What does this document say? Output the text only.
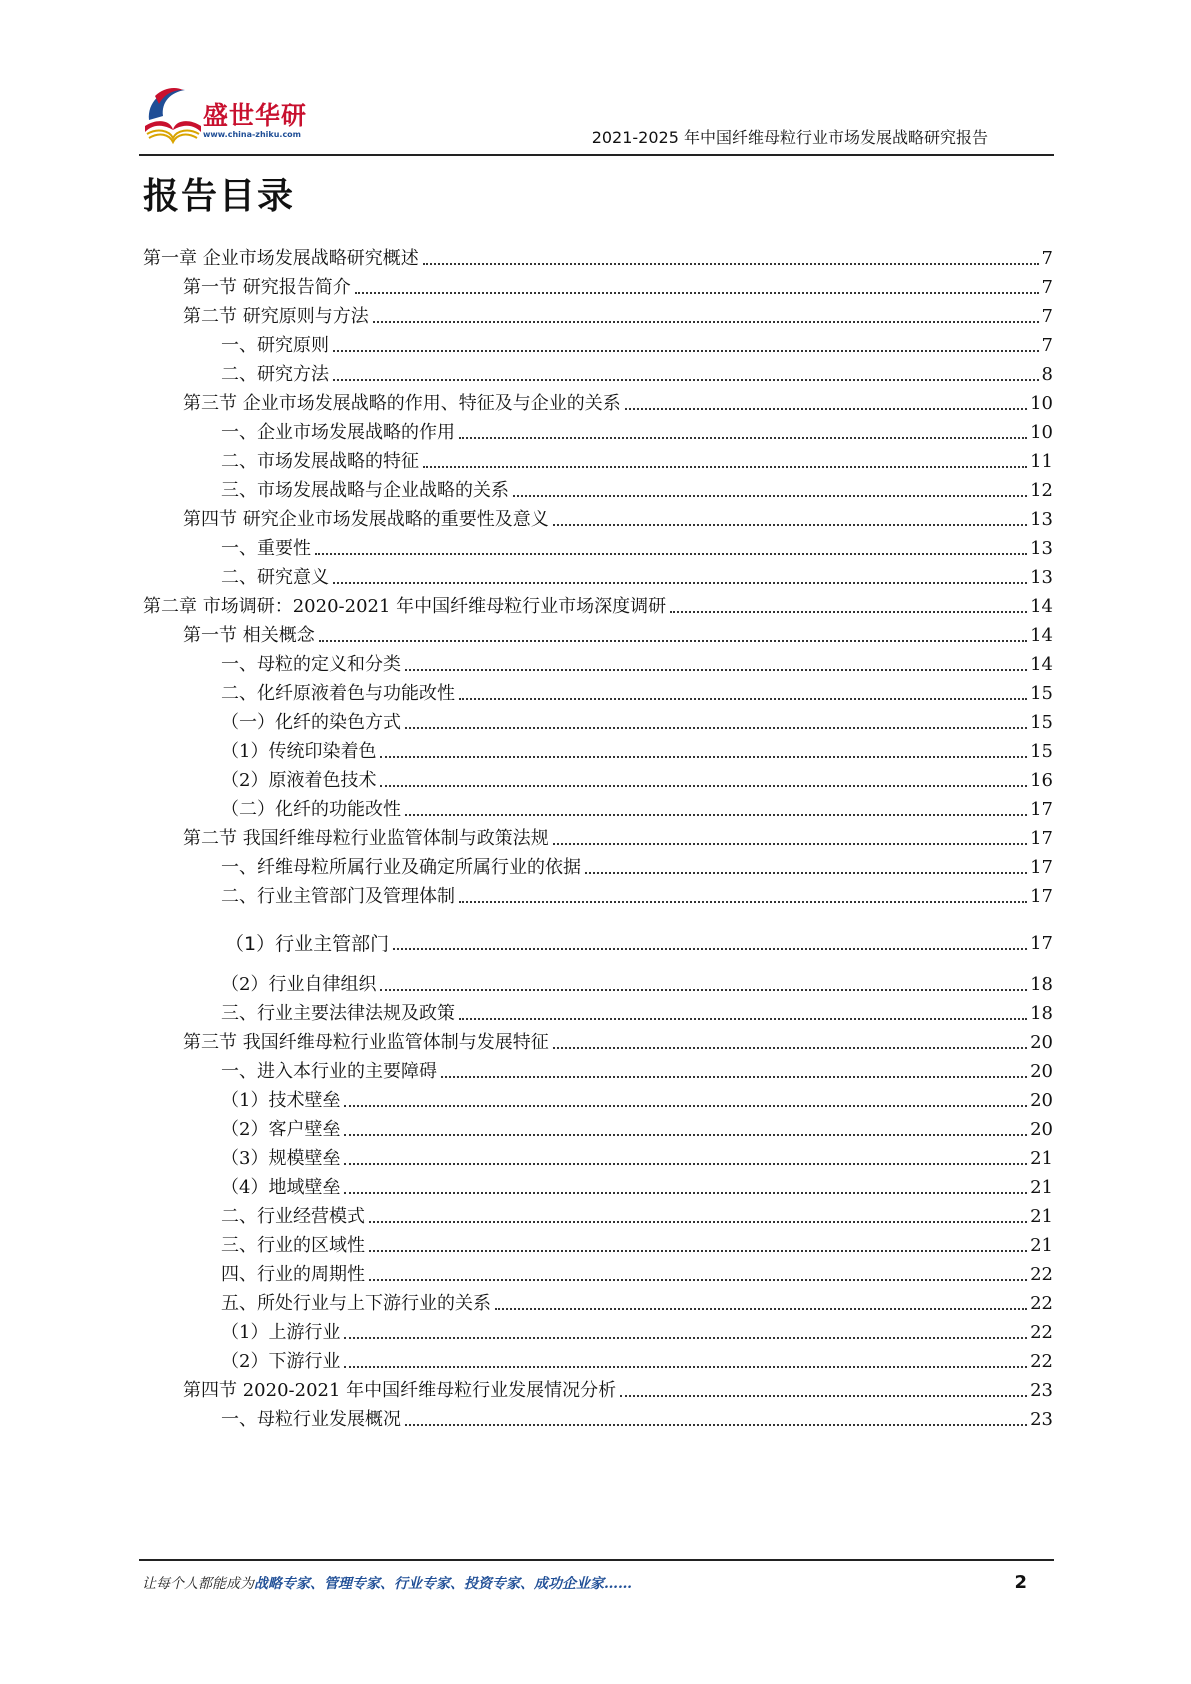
盛世华研
www.china-zhiku.com	2021-2025 年中国纤维母粒行业市场发展战略研究报告
报告目录
第一章 企业市场发展战略研究概述	7
第一节 研究报告简介	7
第二节 研究原则与方法	7
一、研究原则	7
二、研究方法	8
第三节 企业市场发展战略的作用、特征及与企业的关系	10
一、企业市场发展战略的作用	10
二、市场发展战略的特征	11
三、市场发展战略与企业战略的关系	12
第四节 研究企业市场发展战略的重要性及意义	13
一、重要性	13
二、研究意义	13
第二章 市场调研：2020-2021 年中国纤维母粒行业市场深度调研	14
第一节 相关概念	14
一、母粒的定义和分类	14
二、化纤原液着色与功能改性	15
（一）化纤的染色方式	15
（1）传统印染着色	15
（2）原液着色技术	16
（二）化纤的功能改性	17
第二节 我国纤维母粒行业监管体制与政策法规	17
一、纤维母粒所属行业及确定所属行业的依据	17
二、行业主管部门及管理体制	17
（1）行业主管部门	17
（2）行业自律组织	18
三、行业主要法律法规及政策	18
第三节 我国纤维母粒行业监管体制与发展特征	20
一、进入本行业的主要障碍	20
（1）技术壁垒	20
（2）客户壁垒	20
（3）规模壁垒	21
（4）地域壁垒	21
二、行业经营模式	21
三、行业的区域性	21
四、行业的周期性	22
五、所处行业与上下游行业的关系	22
（1）上游行业	22
（2）下游行业	22
第四节 2020-2021 年中国纤维母粒行业发展情况分析	23
一、母粒行业发展概况	23
让每个人都能成为战略专家、管理专家、行业专家、投资专家、成功企业家……	2
